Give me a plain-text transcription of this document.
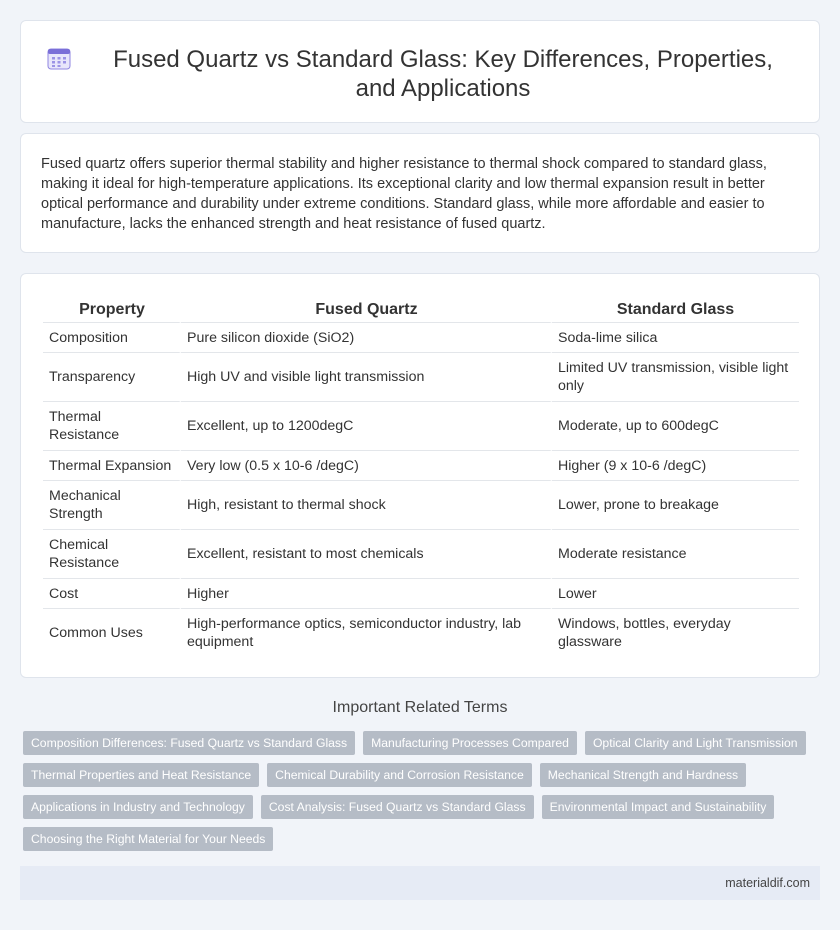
Fused Quartz vs Standard Glass: Key Differences, Properties, and Applications

Fused quartz offers superior thermal stability and higher resistance to thermal shock compared to standard glass, making it ideal for high-temperature applications. Its exceptional clarity and low thermal expansion result in better optical performance and durability under extreme conditions. Standard glass, while more affordable and easier to manufacture, lacks the enhanced strength and heat resistance of fused quartz.

Property	Fused Quartz	Standard Glass
Composition	Pure silicon dioxide (SiO2)	Soda-lime silica
Transparency	High UV and visible light transmission	Limited UV transmission, visible light only
Thermal Resistance	Excellent, up to 1200degC	Moderate, up to 600degC
Thermal Expansion	Very low (0.5 x 10-6 /degC)	Higher (9 x 10-6 /degC)
Mechanical Strength	High, resistant to thermal shock	Lower, prone to breakage
Chemical Resistance	Excellent, resistant to most chemicals	Moderate resistance
Cost	Higher	Lower
Common Uses	High-performance optics, semiconductor industry, lab equipment	Windows, bottles, everyday glassware
Important Related Terms
Composition Differences: Fused Quartz vs Standard Glass	Manufacturing Processes Compared	Optical Clarity and Light Transmission
Thermal Properties and Heat Resistance	Chemical Durability and Corrosion Resistance	Mechanical Strength and Hardness
Applications in Industry and Technology	Cost Analysis: Fused Quartz vs Standard Glass	Environmental Impact and Sustainability
Choosing the Right Material for Your Needs
materialdif.com
